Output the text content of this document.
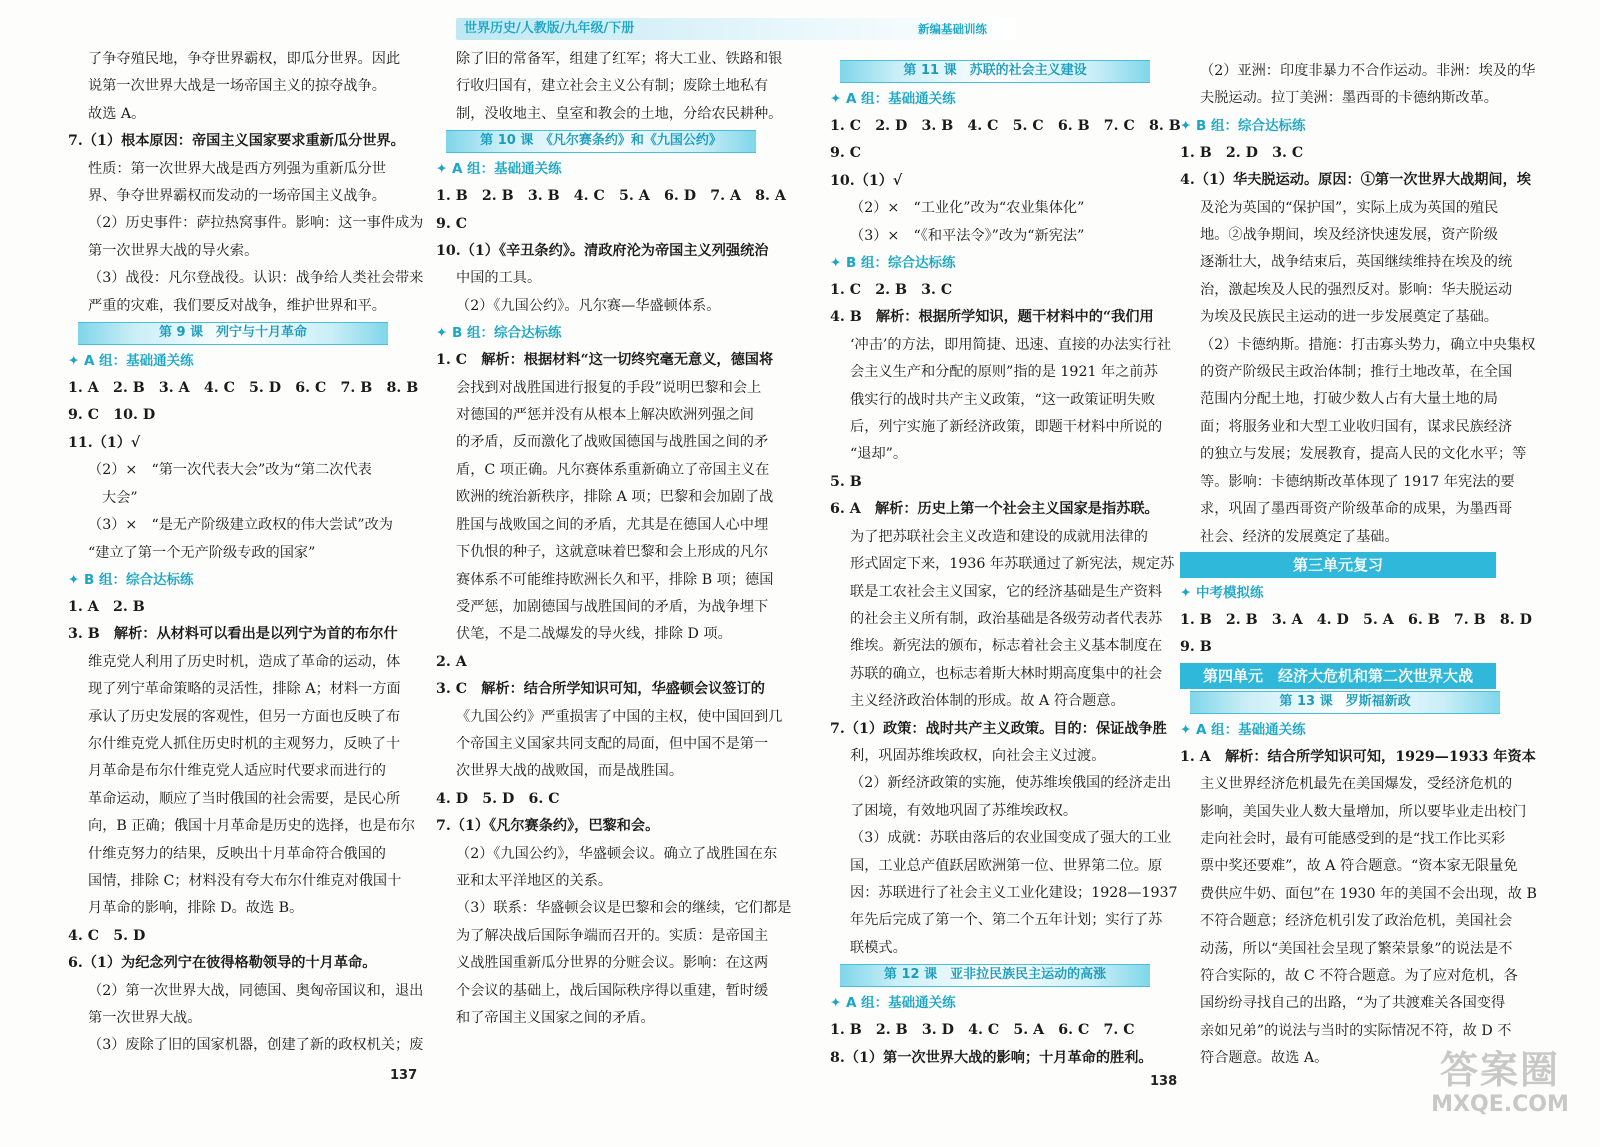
世界历史/人教版/九年级/下册	新编基础训练
了争夺殖民地，争夺世界霸权，即瓜分世界。因此
说第一次世界大战是一场帝国主义的掠夺战争。
故选 A。
7.（1）根本原因：帝国主义国家要求重新瓜分世界。
性质：第一次世界大战是西方列强为重新瓜分世
界、争夺世界霸权而发动的一场帝国主义战争。
（2）历史事件：萨拉热窝事件。影响：这一事件成为
第一次世界大战的导火索。
（3）战役：凡尔登战役。认识：战争给人类社会带来
严重的灾难，我们要反对战争，维护世界和平。
第 9 课　列宁与十月革命
✦ A 组：基础通关练
1. A　2. B　3. A　4. C　5. D　6. C　7. B　8. B
9. C　10. D
11.（1）√
（2）×　“第一次代表大会”改为“第二次代表
大会”
（3）×　“是无产阶级建立政权的伟大尝试”改为
“建立了第一个无产阶级专政的国家”
✦ B 组：综合达标练
1. A　2. B
3. B　解析：从材料可以看出是以列宁为首的布尔什
维克党人利用了历史时机，造成了革命的运动，体
现了列宁革命策略的灵活性，排除 A；材料一方面
承认了历史发展的客观性，但另一方面也反映了布
尔什维克党人抓住历史时机的主观努力，反映了十
月革命是布尔什维克党人适应时代要求而进行的
革命运动，顺应了当时俄国的社会需要，是民心所
向，B 正确；俄国十月革命是历史的选择，也是布尔
什维克努力的结果，反映出十月革命符合俄国的
国情，排除 C；材料没有夸大布尔什维克对俄国十
月革命的影响，排除 D。故选 B。
4. C　5. D
6.（1）为纪念列宁在彼得格勒领导的十月革命。
（2）第一次世界大战，同德国、奥匈帝国议和，退出
第一次世界大战。
（3）废除了旧的国家机器，创建了新的政权机关；废
除了旧的常备军，组建了红军；将大工业、铁路和银
行收归国有，建立社会主义公有制；废除土地私有
制，没收地主、皇室和教会的土地，分给农民耕种。
第 10 课　《凡尔赛条约》和《九国公约》
✦ A 组：基础通关练
1. B　2. B　3. B　4. C　5. A　6. D　7. A　8. A
9. C
10.（1）《辛丑条约》。清政府沦为帝国主义列强统治
中国的工具。
（2）《九国公约》。凡尔赛—华盛顿体系。
✦ B 组：综合达标练
1. C　解析：根据材料“这一切终究毫无意义，德国将
会找到对战胜国进行报复的手段”说明巴黎和会上
对德国的严惩并没有从根本上解决欧洲列强之间
的矛盾，反而激化了战败国德国与战胜国之间的矛
盾，C 项正确。凡尔赛体系重新确立了帝国主义在
欧洲的统治新秩序，排除 A 项；巴黎和会加剧了战
胜国与战败国之间的矛盾，尤其是在德国人心中埋
下仇恨的种子，这就意味着巴黎和会上形成的凡尔
赛体系不可能维持欧洲长久和平，排除 B 项；德国
受严惩，加剧德国与战胜国间的矛盾，为战争埋下
伏笔，不是二战爆发的导火线，排除 D 项。
2. A
3. C　解析：结合所学知识可知，华盛顿会议签订的
《九国公约》严重损害了中国的主权，使中国回到几
个帝国主义国家共同支配的局面，但中国不是第一
次世界大战的战败国，而是战胜国。
4. D　5. D　6. C
7.（1）《凡尔赛条约》，巴黎和会。
（2）《九国公约》，华盛顿会议。确立了战胜国在东
亚和太平洋地区的关系。
（3）联系：华盛顿会议是巴黎和会的继续，它们都是
为了解决战后国际争端而召开的。实质：是帝国主
义战胜国重新瓜分世界的分赃会议。影响：在这两
个会议的基础上，战后国际秩序得以重建，暂时缓
和了帝国主义国家之间的矛盾。
第 11 课　苏联的社会主义建设
✦ A 组：基础通关练
1. C　2. D　3. B　4. C　5. C　6. B　7. C　8. B
9. C
10.（1）√
（2）×　“工业化”改为“农业集体化”
（3）×　“《和平法令》”改为“新宪法”
✦ B 组：综合达标练
1. C　2. B　3. C
4. B　解析：根据所学知识，题干材料中的“我们用
‘冲击’的方法，即用简捷、迅速、直接的办法实行社
会主义生产和分配的原则”指的是 1921 年之前苏
俄实行的战时共产主义政策，“这一政策证明失败
后，列宁实施了新经济政策，即题干材料中所说的
“退却”。
5. B
6. A　解析：历史上第一个社会主义国家是指苏联。
为了把苏联社会主义改造和建设的成就用法律的
形式固定下来，1936 年苏联通过了新宪法，规定苏
联是工农社会主义国家，它的经济基础是生产资料
的社会主义所有制，政治基础是各级劳动者代表苏
维埃。新宪法的颁布，标志着社会主义基本制度在
苏联的确立，也标志着斯大林时期高度集中的社会
主义经济政治体制的形成。故 A 符合题意。
7.（1）政策：战时共产主义政策。目的：保证战争胜
利，巩固苏维埃政权，向社会主义过渡。
（2）新经济政策的实施，使苏维埃俄国的经济走出
了困境，有效地巩固了苏维埃政权。
（3）成就：苏联由落后的农业国变成了强大的工业
国，工业总产值跃居欧洲第一位、世界第二位。原
因：苏联进行了社会主义工业化建设；1928—1937
年先后完成了第一个、第二个五年计划；实行了苏
联模式。
第 12 课　亚非拉民族民主运动的高涨
✦ A 组：基础通关练
1. B　2. B　3. D　4. C　5. A　6. C　7. C
8.（1）第一次世界大战的影响；十月革命的胜利。
（2）亚洲：印度非暴力不合作运动。非洲：埃及的华
夫脱运动。拉丁美洲：墨西哥的卡德纳斯改革。
✦ B 组：综合达标练
1. B　2. D　3. C
4.（1）华夫脱运动。原因：①第一次世界大战期间，埃
及沦为英国的“保护国”，实际上成为英国的殖民
地。②战争期间，埃及经济快速发展，资产阶级
逐渐壮大，战争结束后，英国继续维持在埃及的统
治，激起埃及人民的强烈反对。影响：华夫脱运动
为埃及民族民主运动的进一步发展奠定了基础。
（2）卡德纳斯。措施：打击寡头势力，确立中央集权
的资产阶级民主政治体制；推行土地改革，在全国
范围内分配土地，打破少数人占有大量土地的局
面；将服务业和大型工业收归国有，谋求民族经济
的独立与发展；发展教育，提高人民的文化水平；等
等。影响：卡德纳斯改革体现了 1917 年宪法的要
求，巩固了墨西哥资产阶级革命的成果，为墨西哥
社会、经济的发展奠定了基础。
第三单元复习
✦ 中考模拟练
1. B　2. B　3. A　4. D　5. A　6. B　7. B　8. D
9. B
第四单元　经济大危机和第二次世界大战
第 13 课　罗斯福新政
✦ A 组：基础通关练
1. A　解析：结合所学知识可知，1929—1933 年资本
主义世界经济危机最先在美国爆发，受经济危机的
影响，美国失业人数大量增加，所以要毕业走出校门
走向社会时，最有可能感受到的是“找工作比买彩
票中奖还要难”，故 A 符合题意。“资本家无限量免
费供应牛奶、面包”在 1930 年的美国不会出现，故 B
不符合题意；经济危机引发了政治危机，美国社会
动荡，所以“美国社会呈现了繁荣景象”的说法是不
符合实际的，故 C 不符合题意。为了应对危机，各
国纷纷寻找自己的出路，“为了共渡难关各国变得
亲如兄弟”的说法与当时的实际情况不符，故 D 不
符合题意。故选 A。
137	138	答案圈
MXQE.COM
